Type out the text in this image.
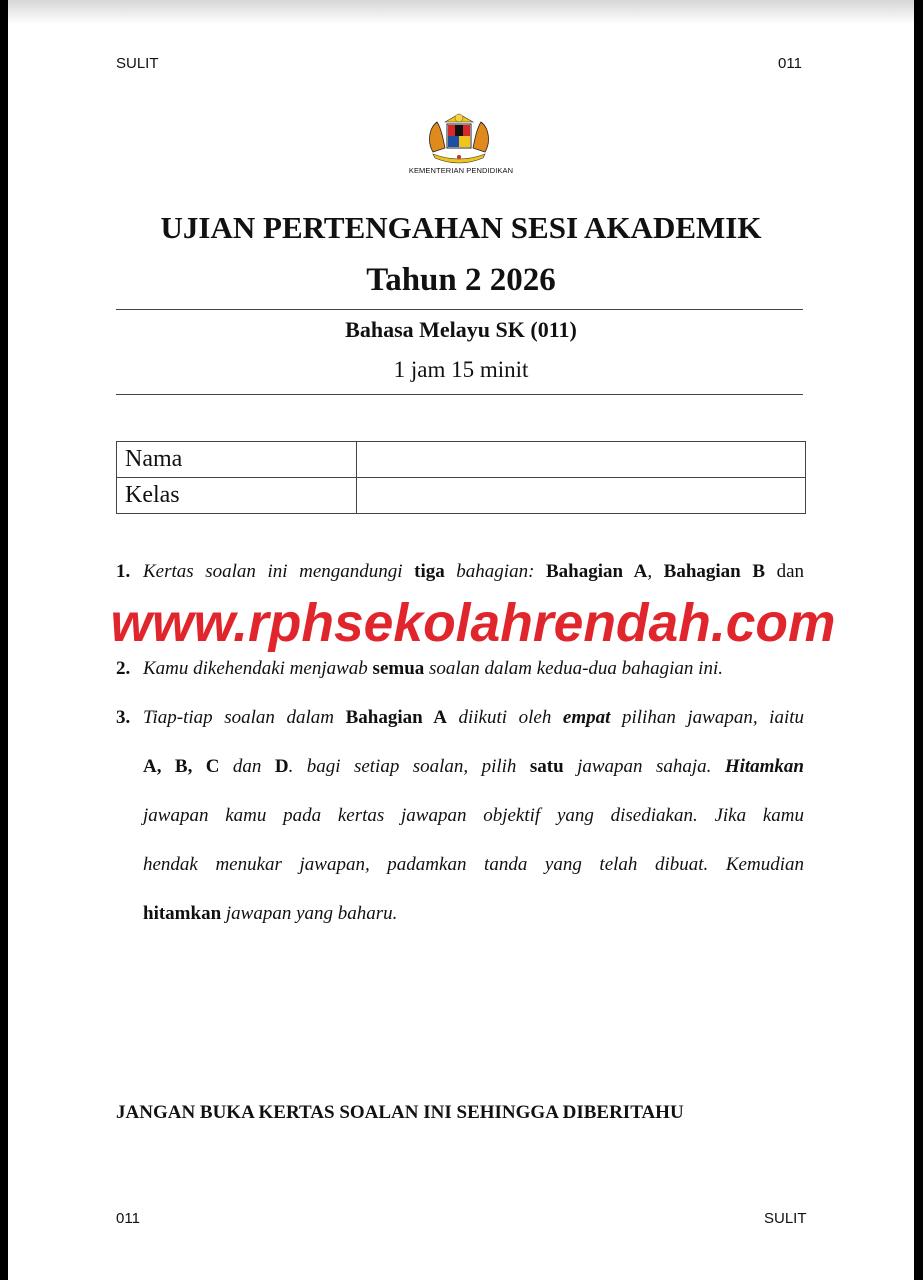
SULIT	011
KEMENTERIAN PENDIDIKAN
UJIAN PERTENGAHAN SESI AKADEMIK
Tahun 2 2026
Bahasa Melayu SK (011)
1 jam 15 minit
Nama	
Kelas	
1. Kertas soalan ini mengandungi tiga bahagian: Bahagian A, Bahagian B dan
2. Kamu dikehendaki menjawab semua soalan dalam kedua-dua bahagian ini.
3. Tiap-tiap soalan dalam Bahagian A diikuti oleh empat pilihan jawapan, iaitu
A, B, C dan D. bagi setiap soalan, pilih satu jawapan sahaja. Hitamkan
jawapan kamu pada kertas jawapan objektif yang disediakan. Jika kamu
hendak menukar jawapan, padamkan tanda yang telah dibuat. Kemudian
hitamkan jawapan yang baharu.
www.rphsekolahrendah.com
JANGAN BUKA KERTAS SOALAN INI SEHINGGA DIBERITAHU
011	SULIT
